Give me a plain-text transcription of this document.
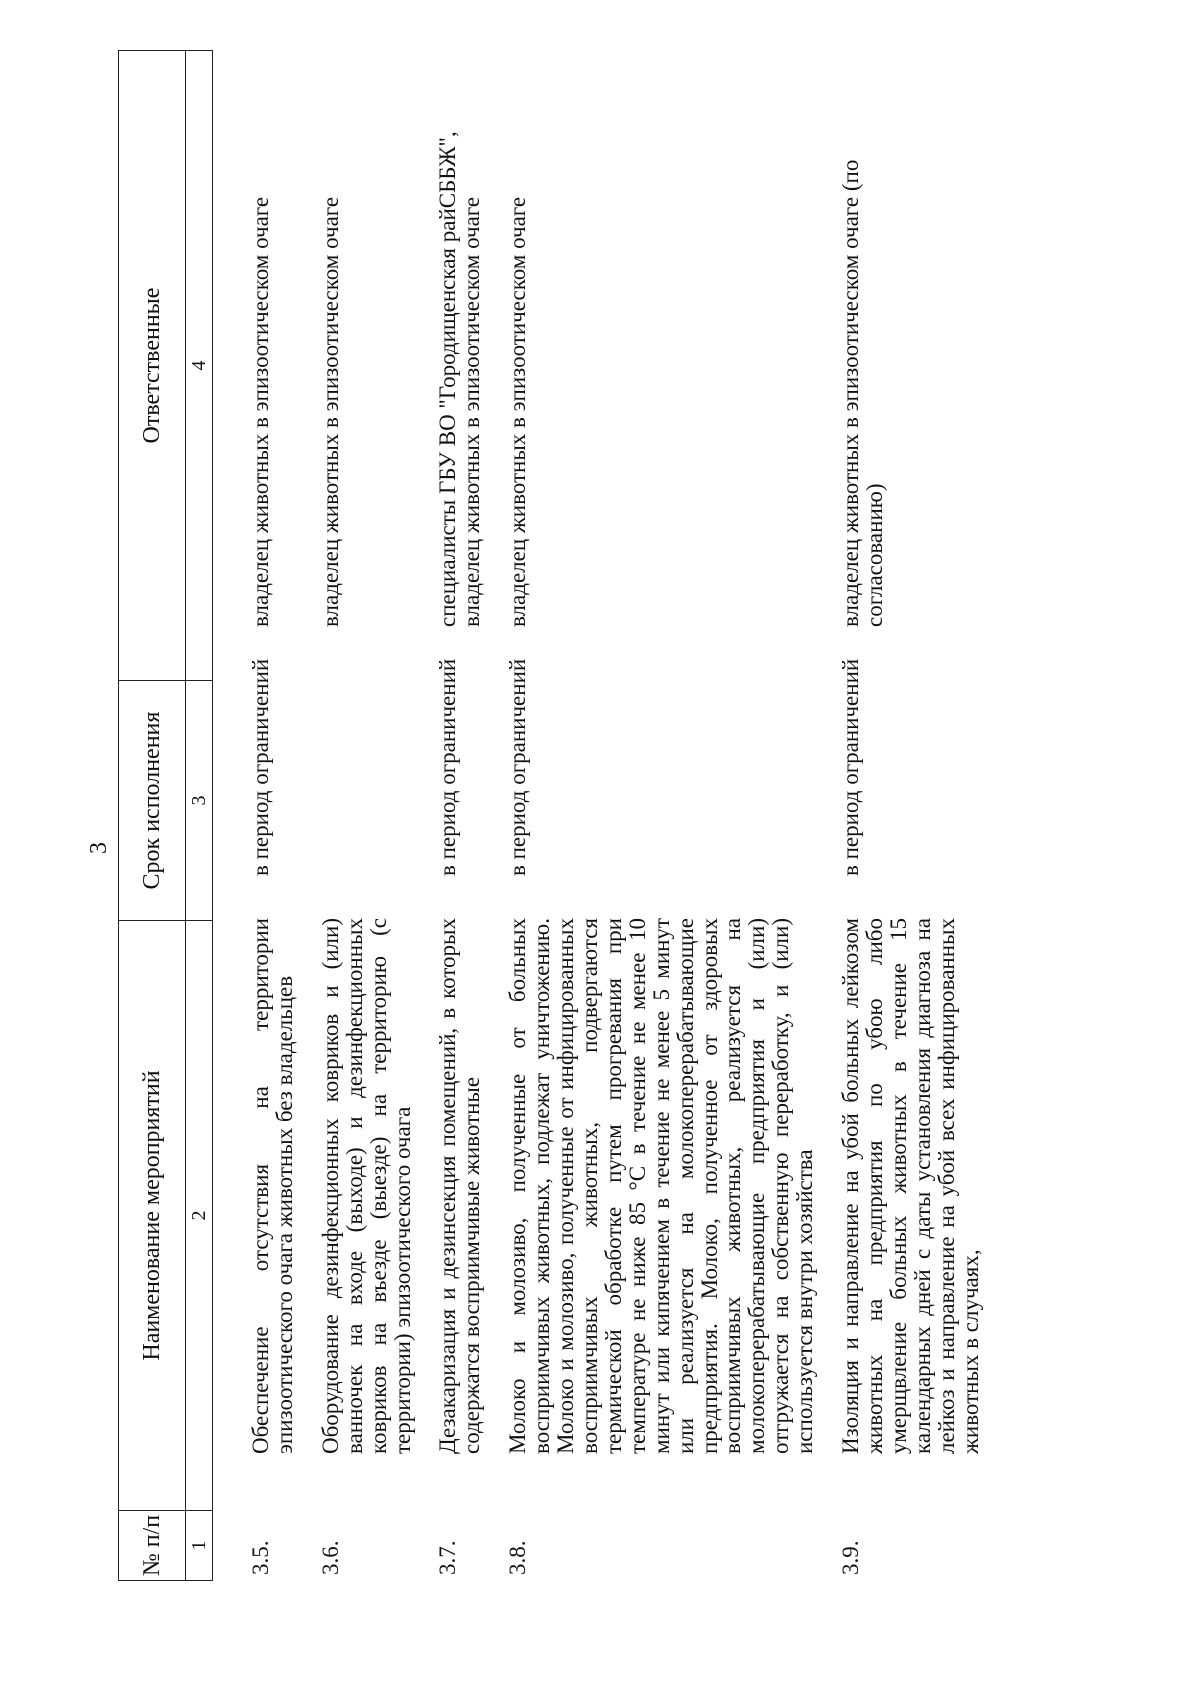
3
№ п/п	Наименование мероприятий	Срок исполнения	Ответственные
1	2	3	4
3.5.	Обеспечение отсутствия на территории эпизоотического очага животных без владельцев	в период ограничений	владелец животных в эпизоотическом очаге
3.6.	Оборудование дезинфекционных ковриков и (или) ванночек на входе (выходе) и дезинфекционных ковриков на въезде (выезде) на территорию (с территории) эпизоотического очага		владелец животных в эпизоотическом очаге
3.7.	Дезакаризация и дезинсекция помещений, в которых содержатся восприимчивые животные	в период ограничений	специалисты ГБУ ВО "Городищенская райСББЖ", владелец животных в эпизоотическом очаге
3.8.	Молоко и молозиво, полученные от больных восприимчивых животных, подлежат уничтожению. Молоко и молозиво, полученные от инфицированных восприимчивых животных, подвергаются термической обработке путем прогревания при температуре не ниже 85 °С в течение не менее 10 минут или кипячением в течение не менее 5 минут или реализуется на молокоперерабатывающие предприятия. Молоко, полученное от здоровых восприимчивых животных, реализуется на молокоперерабатывающие предприятия и (или) отгружается на собственную переработку, и (или) используется внутри хозяйства	в период ограничений	владелец животных в эпизоотическом очаге
3.9.	Изоляция и направление на убой больных лейкозом животных на предприятия по убою либо умерщвление больных животных в течение 15 календарных дней с даты установления диагноза на лейкоз и направление на убой всех инфицированных животных в случаях,	в период ограничений	владелец животных в эпизоотическом очаге (по согласованию)
